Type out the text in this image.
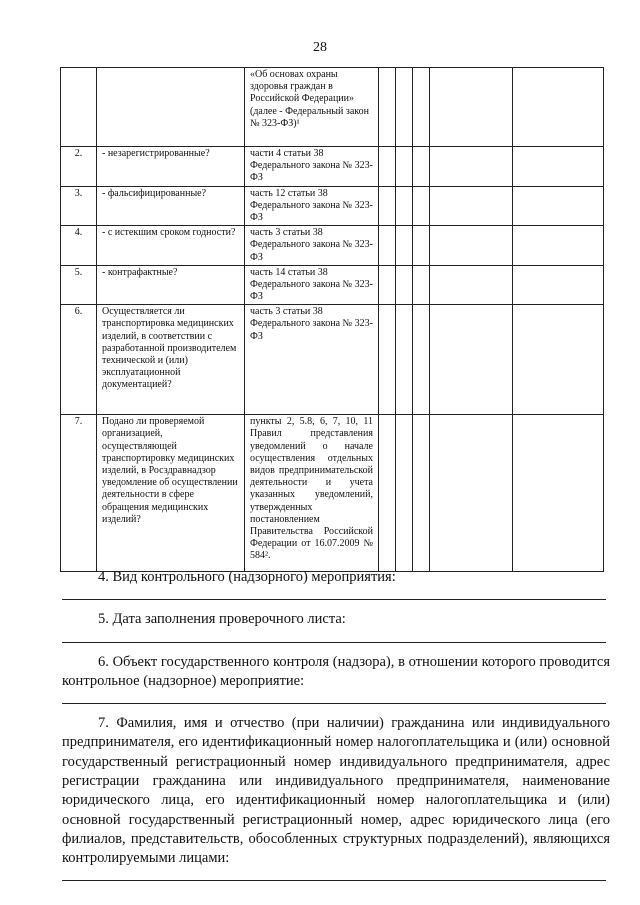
28
		«Об основах охраны здоровья граждан в Российской Федерации» (далее - Федеральный закон № 323-ФЗ)¹					
2.	- незарегистрированные?	части 4 статьи 38 Федерального закона № 323-ФЗ					
3.	- фальсифицированные?	часть 12 статьи 38 Федерального закона № 323-ФЗ					
4.	- с истекшим сроком годности?	часть 3 статьи 38 Федерального закона № 323-ФЗ					
5.	- контрафактные?	часть 14 статьи 38 Федерального закона № 323-ФЗ					
6.	Осуществляется ли транспортировка медицинских изделий, в соответствии с разработанной производителем технической и (или) эксплуатационной документацией?	часть 3 статьи 38 Федерального закона № 323-ФЗ					
7.	Подано ли проверяемой организацией, осуществляющей транспортировку медицинских изделий, в Росздравнадзор уведомление об осуществлении деятельности в сфере обращения медицинских изделий?	пункты 2, 5.8, 6, 7, 10, 11 Правил представления уведомлений о начале осуществления отдельных видов предпринимательской деятельности и учета указанных уведомлений, утвержденных постановлением Правительства Российской Федерации от 16.07.2009 № 584².					

4. Вид контрольного (надзорного) мероприятия:

5. Дата заполнения проверочного листа:

6. Объект государственного контроля (надзора), в отношении которого проводится контрольное (надзорное) мероприятие:

7. Фамилия, имя и отчество (при наличии) гражданина или индивидуального предпринимателя, его идентификационный номер налогоплательщика и (или) основной государственный регистрационный номер индивидуального предпринимателя, адрес регистрации гражданина или индивидуального предпринимателя, наименование юридического лица, его идентификационный номер налогоплательщика и (или) основной государственный регистрационный номер, адрес юридического лица (его филиалов, представительств, обособленных структурных подразделений), являющихся контролируемыми лицами:
